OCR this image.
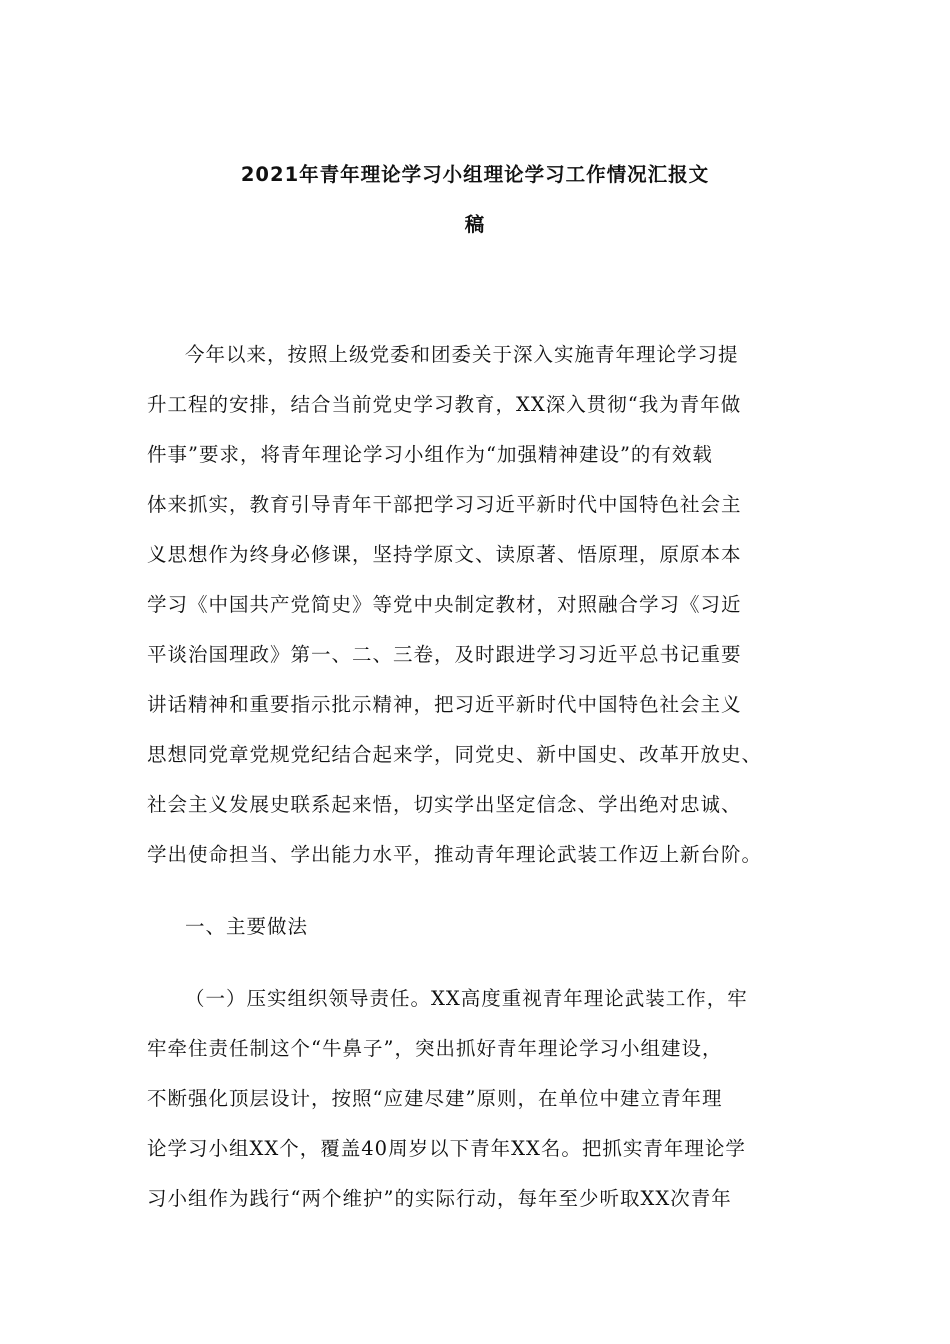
2021年青年理论学习小组理论学习工作情况汇报文
稿
今年以来，按照上级党委和团委关于深入实施青年理论学习提
升工程的安排，结合当前党史学习教育，XX深入贯彻“我为青年做
件事”要求，将青年理论学习小组作为“加强精神建设”的有效载
体来抓实，教育引导青年干部把学习习近平新时代中国特色社会主
义思想作为终身必修课，坚持学原文、读原著、悟原理，原原本本
学习《中国共产党简史》等党中央制定教材，对照融合学习《习近
平谈治国理政》第一、二、三卷，及时跟进学习习近平总书记重要
讲话精神和重要指示批示精神，把习近平新时代中国特色社会主义
思想同党章党规党纪结合起来学，同党史、新中国史、改革开放史、
社会主义发展史联系起来悟，切实学出坚定信念、学出绝对忠诚、
学出使命担当、学出能力水平，推动青年理论武装工作迈上新台阶。
一、主要做法
（一）压实组织领导责任。XX高度重视青年理论武装工作，牢
牢牵住责任制这个“牛鼻子”，突出抓好青年理论学习小组建设，
不断强化顶层设计，按照“应建尽建”原则，在单位中建立青年理
论学习小组XX个，覆盖40周岁以下青年XX名。把抓实青年理论学
习小组作为践行“两个维护”的实际行动，每年至少听取XX次青年
